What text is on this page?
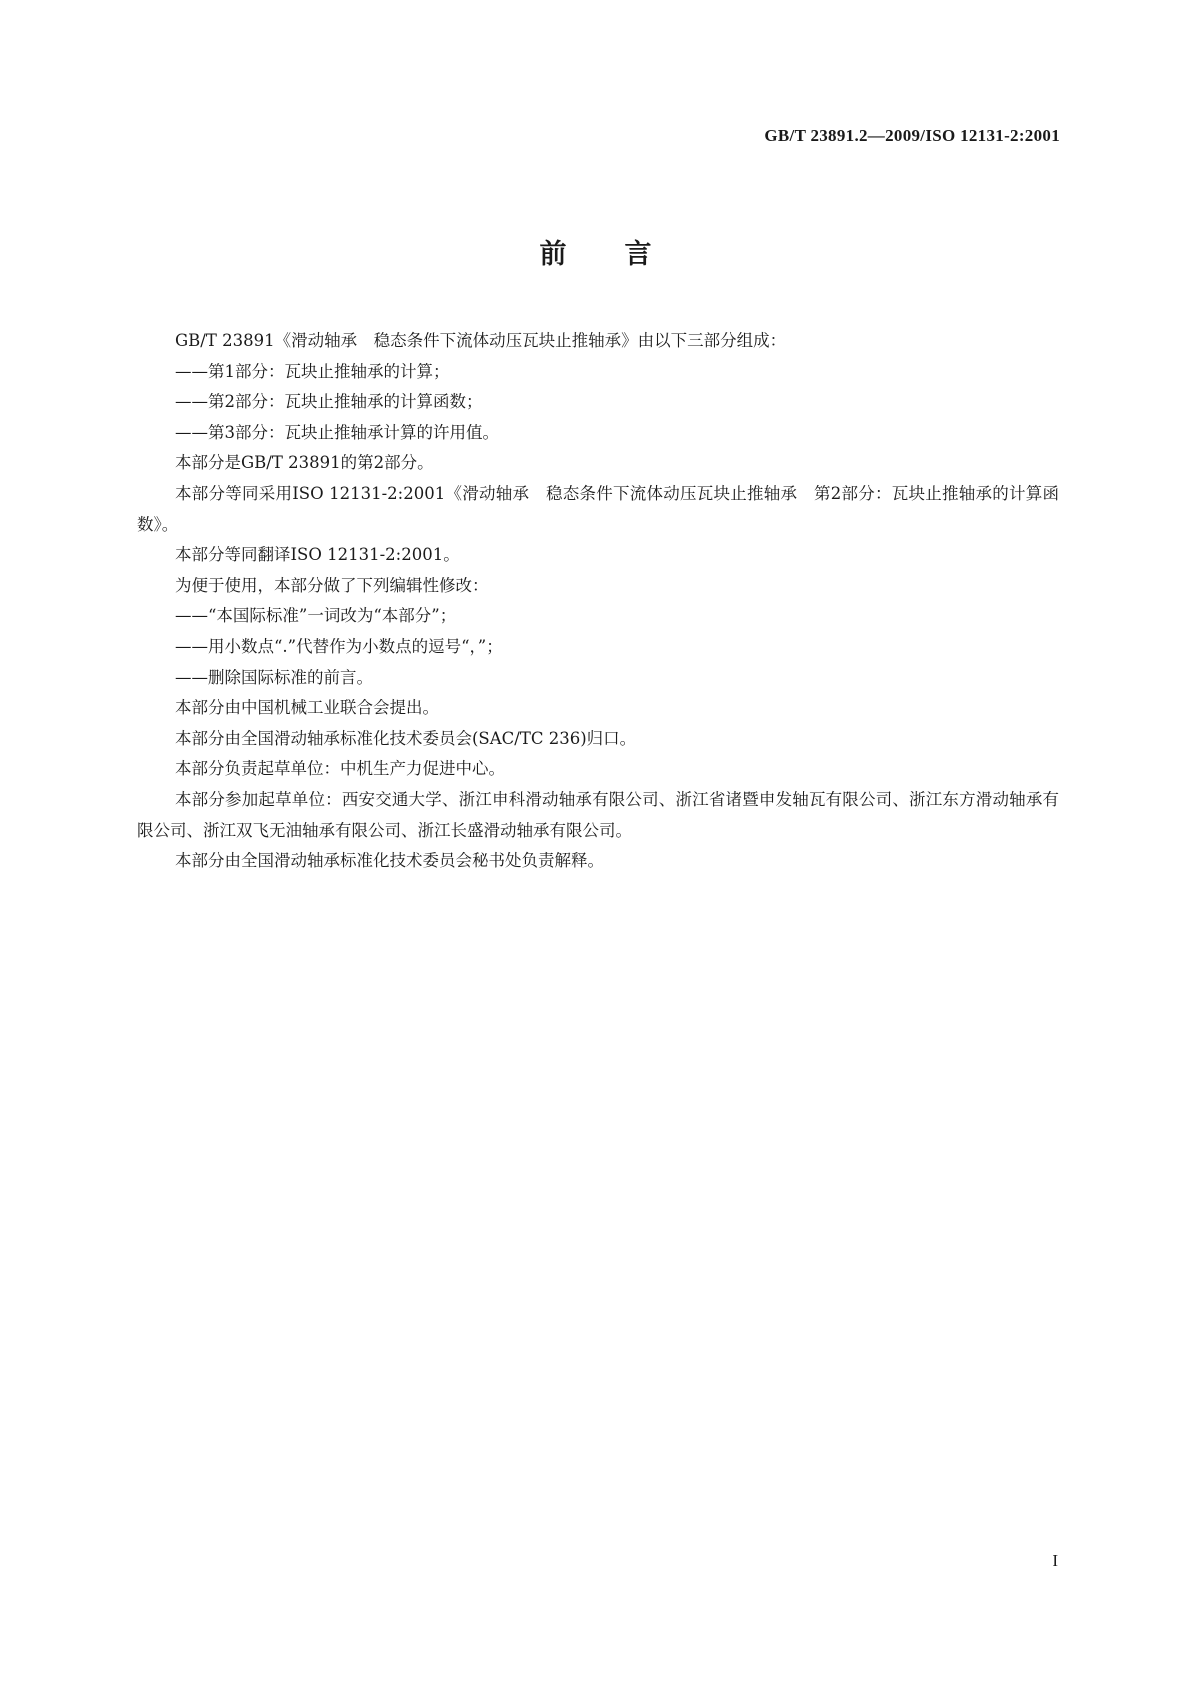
GB/T 23891.2—2009/ISO 12131-2:2001
前言

GB/T 23891《滑动轴承　稳态条件下流体动压瓦块止推轴承》由以下三部分组成：

——第1部分：瓦块止推轴承的计算；

——第2部分：瓦块止推轴承的计算函数；

——第3部分：瓦块止推轴承计算的许用值。

本部分是GB/T 23891的第2部分。

本部分等同采用ISO 12131-2:2001《滑动轴承　稳态条件下流体动压瓦块止推轴承　第2部分：瓦块止推轴承的计算函数》。

本部分等同翻译ISO 12131-2:2001。

为便于使用，本部分做了下列编辑性修改：

——“本国际标准”一词改为“本部分”；

——用小数点“.”代替作为小数点的逗号“，”；

——删除国际标准的前言。

本部分由中国机械工业联合会提出。

本部分由全国滑动轴承标准化技术委员会(SAC/TC 236)归口。

本部分负责起草单位：中机生产力促进中心。

本部分参加起草单位：西安交通大学、浙江申科滑动轴承有限公司、浙江省诸暨申发轴瓦有限公司、浙江东方滑动轴承有限公司、浙江双飞无油轴承有限公司、浙江长盛滑动轴承有限公司。

本部分由全国滑动轴承标准化技术委员会秘书处负责解释。

I
